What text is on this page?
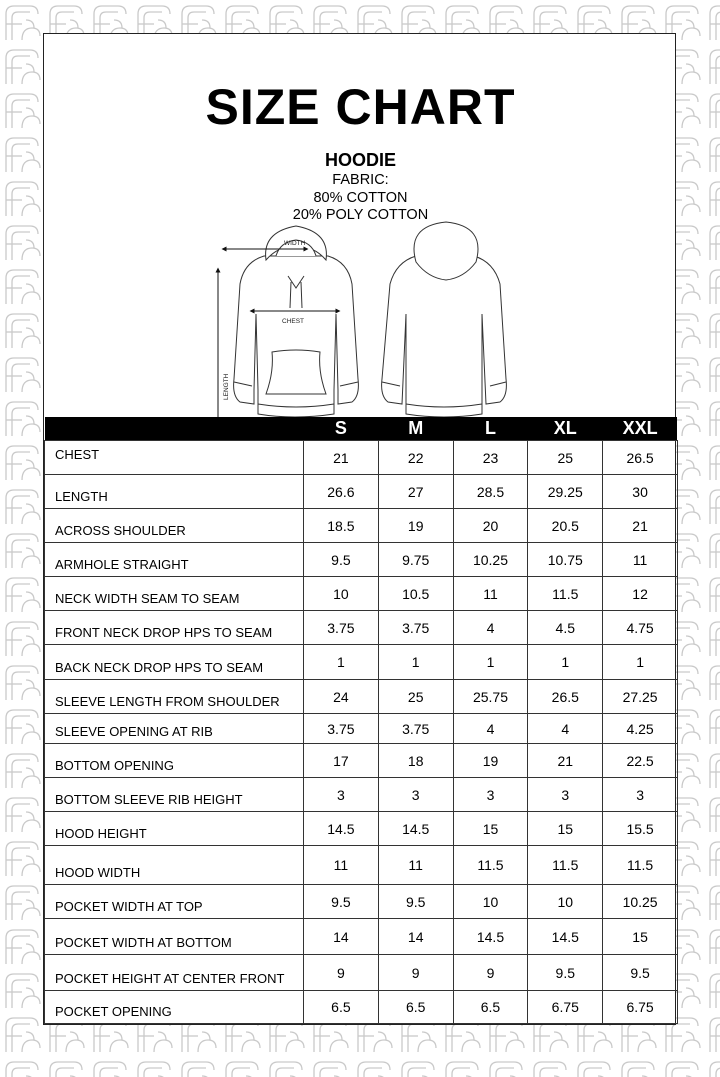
SIZE CHART
HOODIE
FABRIC:
80% COTTON
20% POLY COTTON
WIDTH
CHEST
LENGTH
	S	M	L	XL	XXL
CHEST	21	22	23	25	26.5
LENGTH	26.6	27	28.5	29.25	30
ACROSS SHOULDER	18.5	19	20	20.5	21
ARMHOLE STRAIGHT	9.5	9.75	10.25	10.75	11
NECK WIDTH SEAM TO SEAM	10	10.5	11	11.5	12
FRONT NECK DROP HPS TO SEAM	3.75	3.75	4	4.5	4.75
BACK NECK DROP HPS TO SEAM	1	1	1	1	1
SLEEVE LENGTH FROM SHOULDER	24	25	25.75	26.5	27.25
SLEEVE OPENING AT RIB	3.75	3.75	4	4	4.25
BOTTOM OPENING	17	18	19	21	22.5
BOTTOM SLEEVE RIB HEIGHT	3	3	3	3	3
HOOD HEIGHT	14.5	14.5	15	15	15.5
HOOD WIDTH	11	11	11.5	11.5	11.5
POCKET WIDTH AT TOP	9.5	9.5	10	10	10.25
POCKET WIDTH AT BOTTOM	14	14	14.5	14.5	15
POCKET HEIGHT AT CENTER FRONT	9	9	9	9.5	9.5
POCKET OPENING	6.5	6.5	6.5	6.75	6.75
